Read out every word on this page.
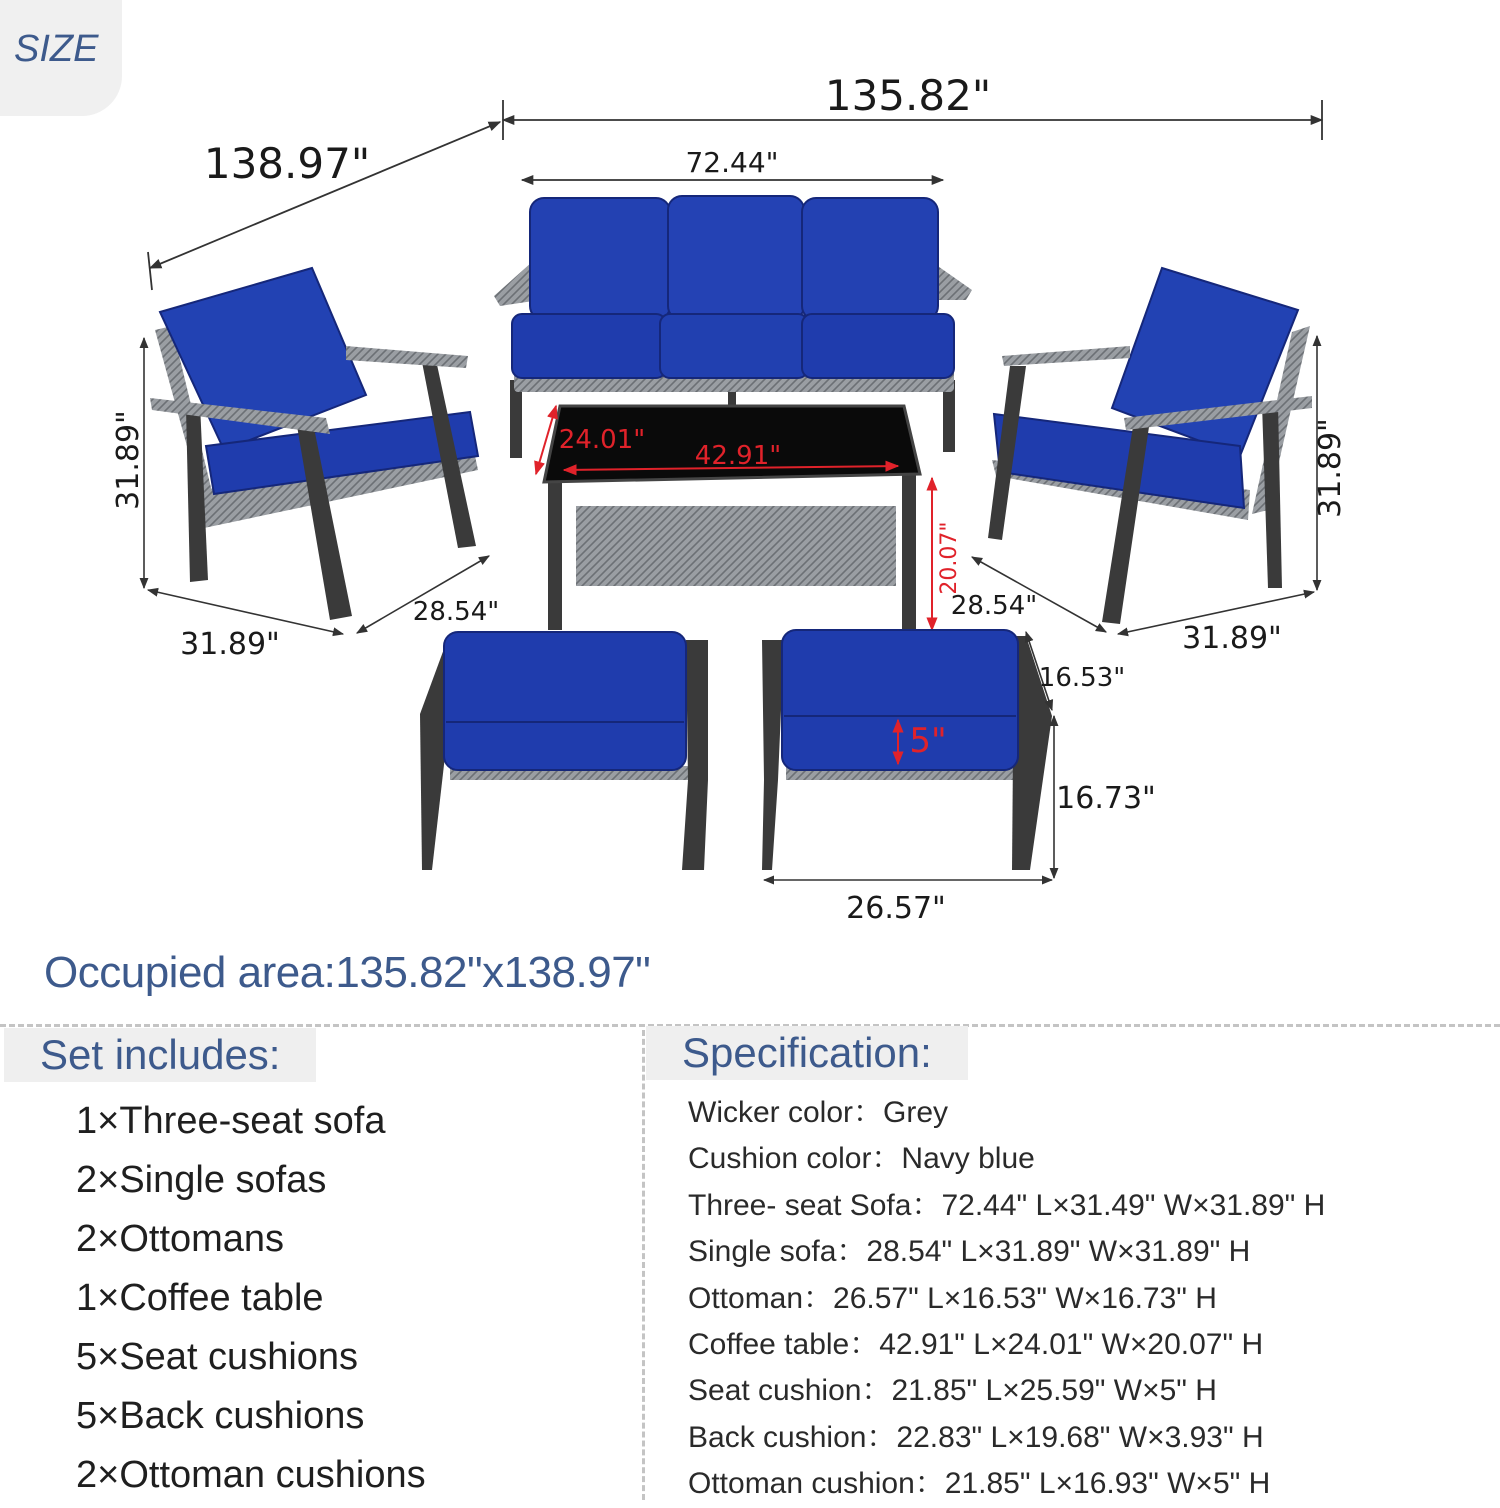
SIZE
135.82"
138.97"	72.44"
31.89"
31.89"
28.54"
31.89"
31.89"
28.54"
24.01"
42.91"
20.07"
16.53"
16.73"
26.57"
5"
Occupied area:135.82"x138.97"
Set includes:
1×Three-seat sofa
2×Single sofas
2×Ottomans
1×Coffee table
5×Seat cushions
5×Back cushions
2×Ottoman cushions
Specification:
Wicker color：Grey
Cushion color：Navy blue
Three- seat Sofa：72.44" L×31.49" W×31.89" H
Single sofa：28.54" L×31.89" W×31.89" H
Ottoman：26.57" L×16.53" W×16.73" H
Coffee table：42.91" L×24.01" W×20.07" H
Seat cushion：21.85" L×25.59" W×5" H
Back cushion：22.83" L×19.68" W×3.93" H
Ottoman cushion：21.85" L×16.93" W×5" H
